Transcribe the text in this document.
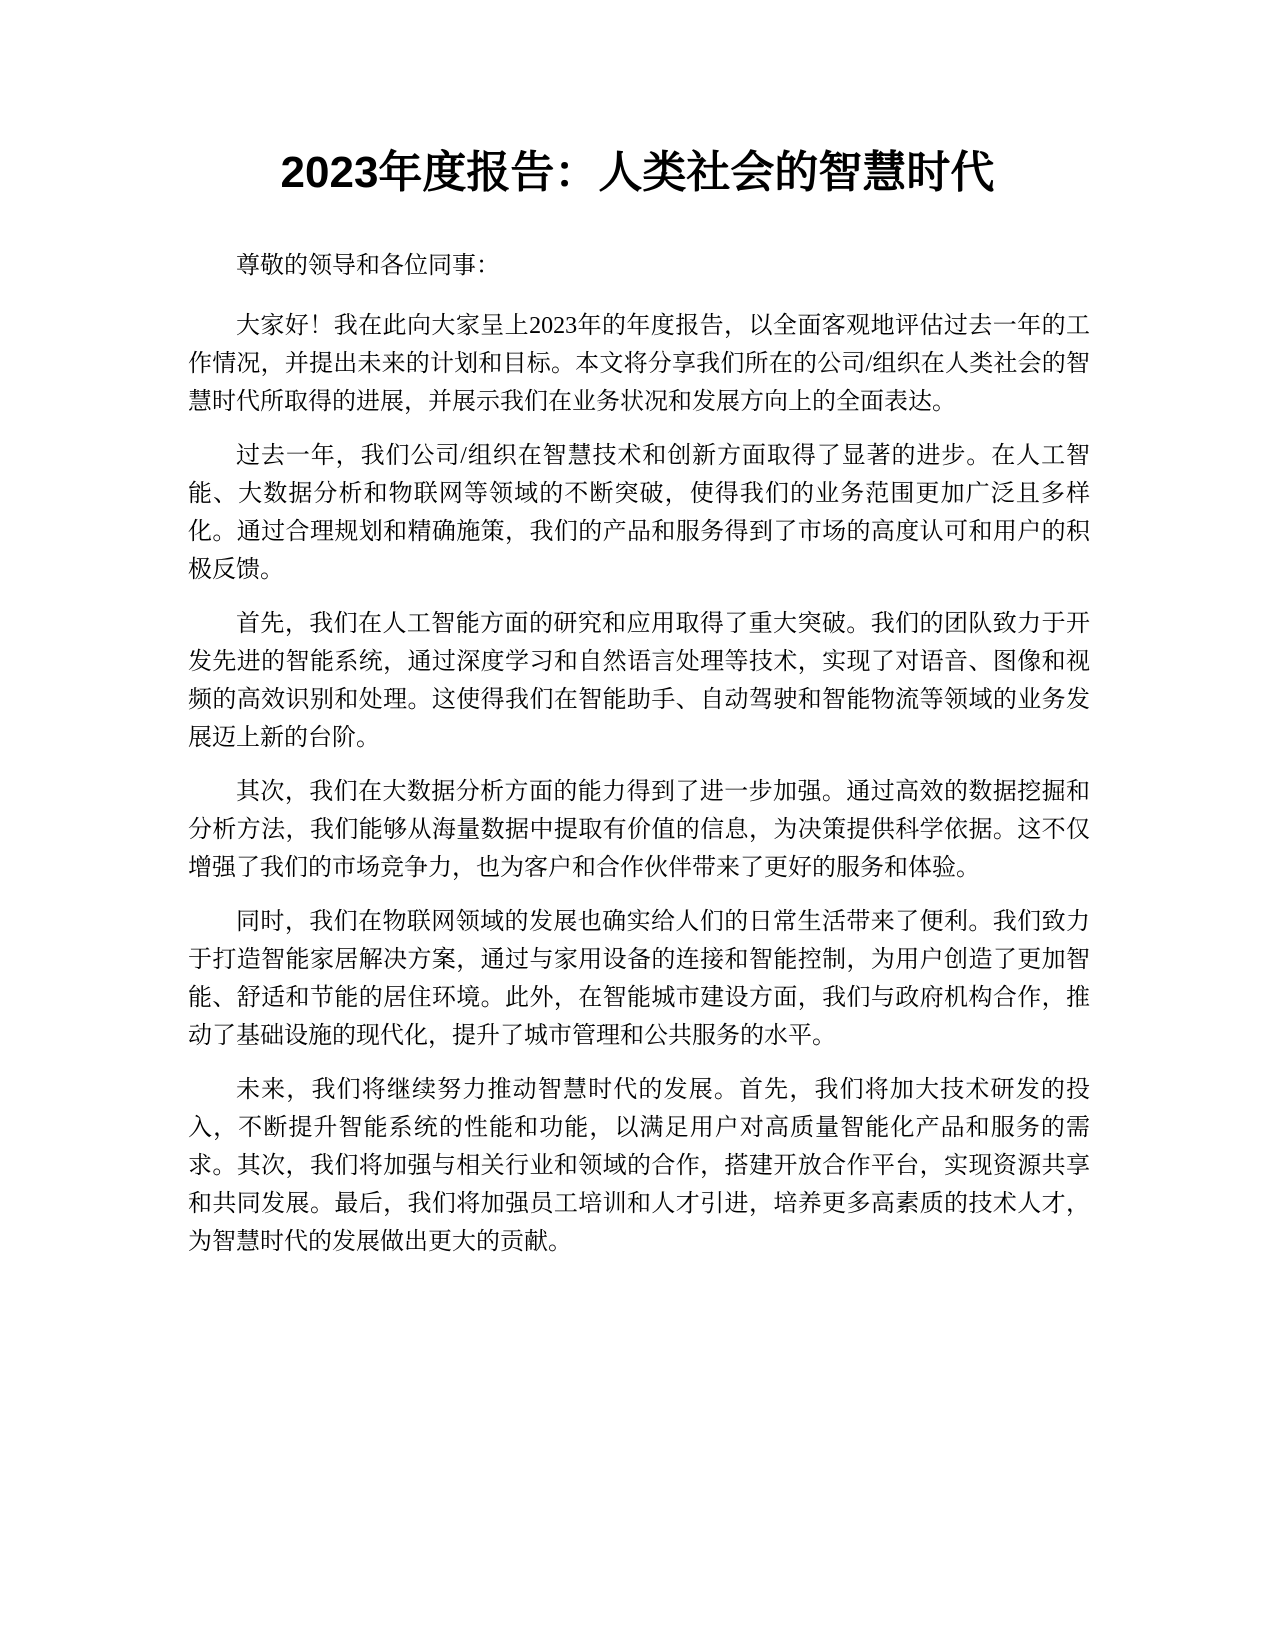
2023年度报告：人类社会的智慧时代

尊敬的领导和各位同事：

大家好！我在此向大家呈上2023年的年度报告，以全面客观地评估过去一年的工作情况，并提出未来的计划和目标。本文将分享我们所在的公司/组织在人类社会的智慧时代所取得的进展，并展示我们在业务状况和发展方向上的全面表达。

过去一年，我们公司/组织在智慧技术和创新方面取得了显著的进步。在人工智能、大数据分析和物联网等领域的不断突破，使得我们的业务范围更加广泛且多样化。通过合理规划和精确施策，我们的产品和服务得到了市场的高度认可和用户的积极反馈。

首先，我们在人工智能方面的研究和应用取得了重大突破。我们的团队致力于开发先进的智能系统，通过深度学习和自然语言处理等技术，实现了对语音、图像和视频的高效识别和处理。这使得我们在智能助手、自动驾驶和智能物流等领域的业务发展迈上新的台阶。

其次，我们在大数据分析方面的能力得到了进一步加强。通过高效的数据挖掘和分析方法，我们能够从海量数据中提取有价值的信息，为决策提供科学依据。这不仅增强了我们的市场竞争力，也为客户和合作伙伴带来了更好的服务和体验。

同时，我们在物联网领域的发展也确实给人们的日常生活带来了便利。我们致力于打造智能家居解决方案，通过与家用设备的连接和智能控制，为用户创造了更加智能、舒适和节能的居住环境。此外，在智能城市建设方面，我们与政府机构合作，推动了基础设施的现代化，提升了城市管理和公共服务的水平。

未来，我们将继续努力推动智慧时代的发展。首先，我们将加大技术研发的投入，不断提升智能系统的性能和功能，以满足用户对高质量智能化产品和服务的需求。其次，我们将加强与相关行业和领域的合作，搭建开放合作平台，实现资源共享和共同发展。最后，我们将加强员工培训和人才引进，培养更多高素质的技术人才，为智慧时代的发展做出更大的贡献。
